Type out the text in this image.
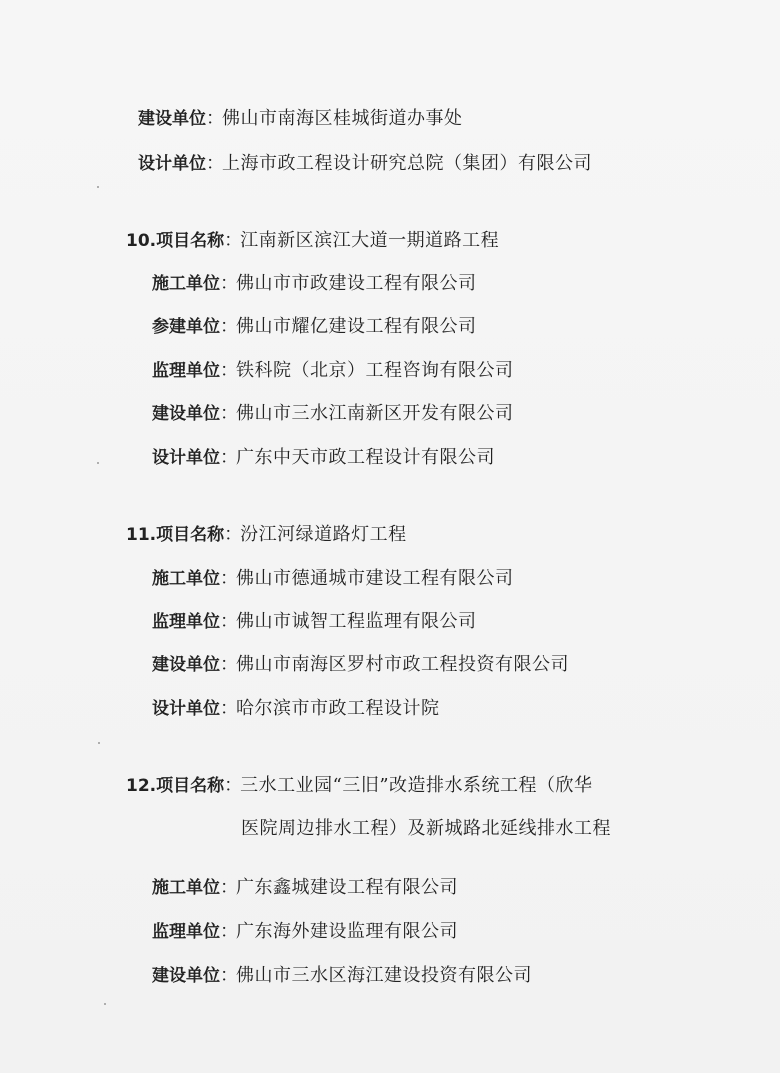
建设单位：佛山市南海区桂城街道办事处
设计单位：上海市政工程设计研究总院（集团）有限公司
10.项目名称：江南新区滨江大道一期道路工程
施工单位：佛山市市政建设工程有限公司
参建单位：佛山市耀亿建设工程有限公司
监理单位：铁科院（北京）工程咨询有限公司
建设单位：佛山市三水江南新区开发有限公司
设计单位：广东中天市政工程设计有限公司
11.项目名称：汾江河绿道路灯工程
施工单位：佛山市德通城市建设工程有限公司
监理单位：佛山市诚智工程监理有限公司
建设单位：佛山市南海区罗村市政工程投资有限公司
设计单位：哈尔滨市市政工程设计院
12.项目名称：三水工业园“三旧”改造排水系统工程（欣华
医院周边排水工程）及新城路北延线排水工程
施工单位：广东鑫城建设工程有限公司
监理单位：广东海外建设监理有限公司
建设单位：佛山市三水区海江建设投资有限公司
